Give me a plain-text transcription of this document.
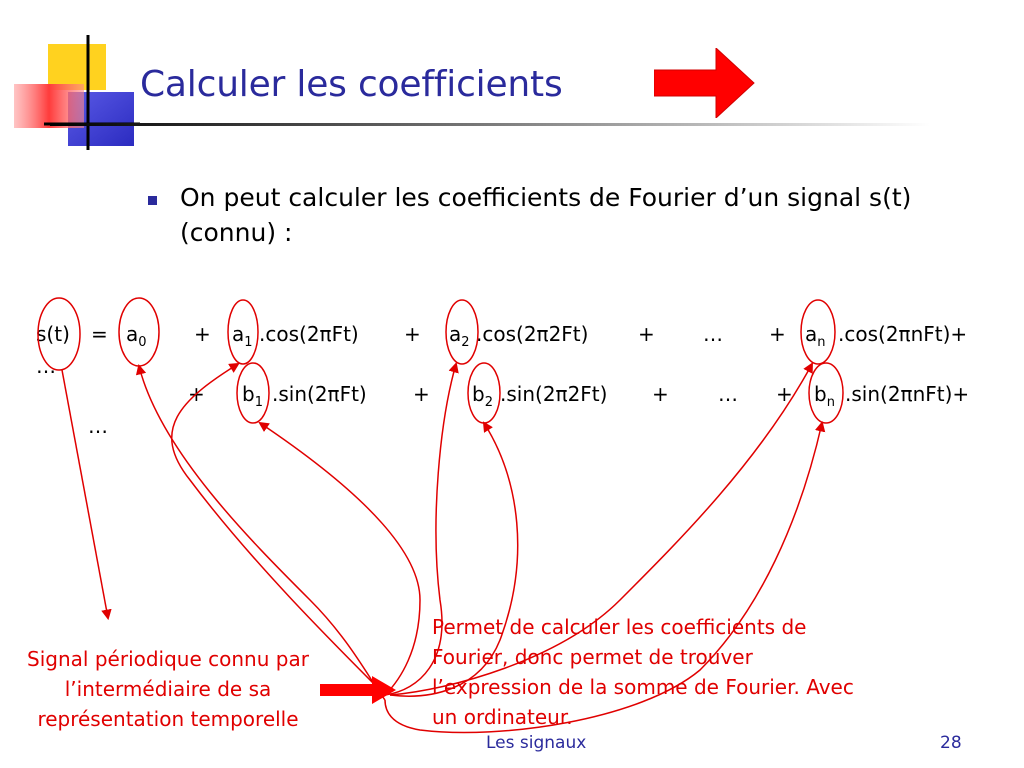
Calculer les coefficients
On peut calculer les coefficients de Fourier d’un signal s(t) (connu) :
$s(t) = a_0 + a_1$ $.\cos(2\pi Ft) + a_2$ .cos(2π2Ft) + … + $a_n$ .cos(2πnFt)+
…
+ $b_1$ $.\sin(2\pi Ft) + b_2$ .sin(2π2Ft) + … + $b_n$ .sin(2πnFt)+
…
Signal périodique connu par l’intermédiaire de sa représentation temporelle
Permet de calculer les coefficients de Fourier, donc permet de trouver l’expression de la somme de Fourier. Avec un ordinateur.
Les signaux	28
